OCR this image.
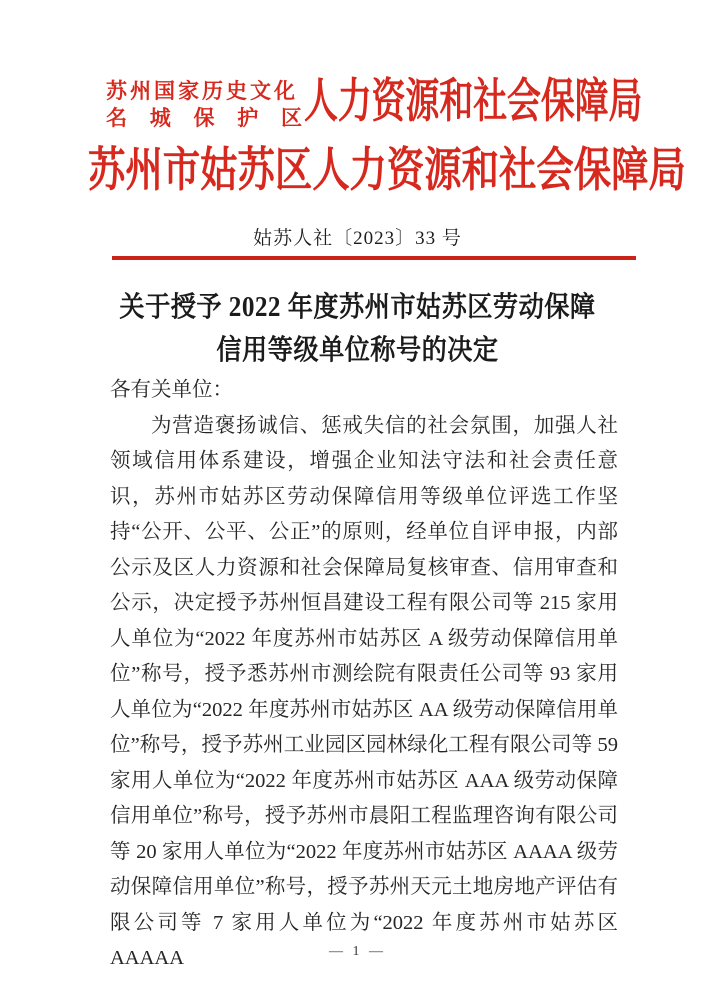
苏州国家历史文化
名城保护区 人力资源和社会保障局
苏州市姑苏区人力资源和社会保障局
姑苏人社〔2023〕33 号
关于授予 2022 年度苏州市姑苏区劳动保障
信用等级单位称号的决定
各有关单位：
为营造褒扬诚信、惩戒失信的社会氛围，加强人社领域信用体系建设，增强企业知法守法和社会责任意识，苏州市姑苏区劳动保障信用等级单位评选工作坚持“公开、公平、公正”的原则，经单位自评申报，内部公示及区人力资源和社会保障局复核审查、信用审查和公示，决定授予苏州恒昌建设工程有限公司等 215 家用人单位为“2022 年度苏州市姑苏区 A 级劳动保障信用单位”称号，授予悉苏州市测绘院有限责任公司等 93 家用人单位为“2022 年度苏州市姑苏区 AA 级劳动保障信用单位”称号，授予苏州工业园区园林绿化工程有限公司等 59 家用人单位为“2022 年度苏州市姑苏区 AAA 级劳动保障信用单位”称号，授予苏州市晨阳工程监理咨询有限公司等 20 家用人单位为“2022 年度苏州市姑苏区 AAAA 级劳动保障信用单位”称号，授予苏州天元土地房地产评估有限公司等 7 家用人单位为“2022 年度苏州市姑苏区 AAAAA	— 1 —
